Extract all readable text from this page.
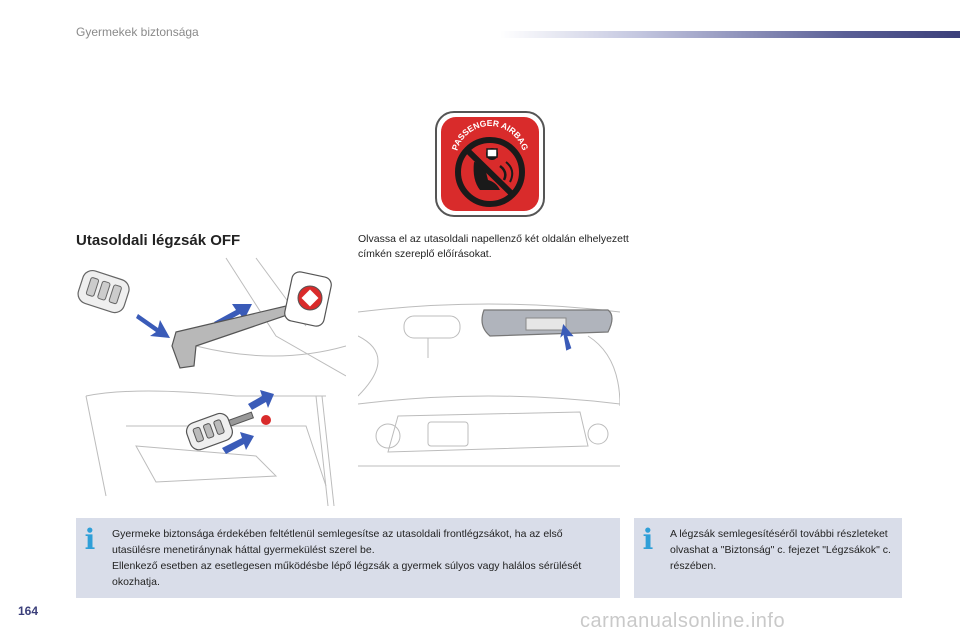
Gyermekek biztonsága
PASSENGER AIRBAG
Utasoldali légzsák OFF	Olvassa el az utasoldali napellenző két oldalán elhelyezett címkén szereplő előírásokat.
i Gyermeke biztonsága érdekében feltétlenül semlegesítse az utasoldali frontlégzsákot, ha az első utasülésre menetiránynak háttal gyermekülést szerel be.
Ellenkező esetben az esetlegesen működésbe lépő légzsák a gyermek súlyos vagy halálos sérülését okozhatja.
i A légzsák semlegesítéséről további részleteket olvashat a "Biztonság" c. fejezet "Légzsákok" c. részében.
164	carmanualsonline.info
